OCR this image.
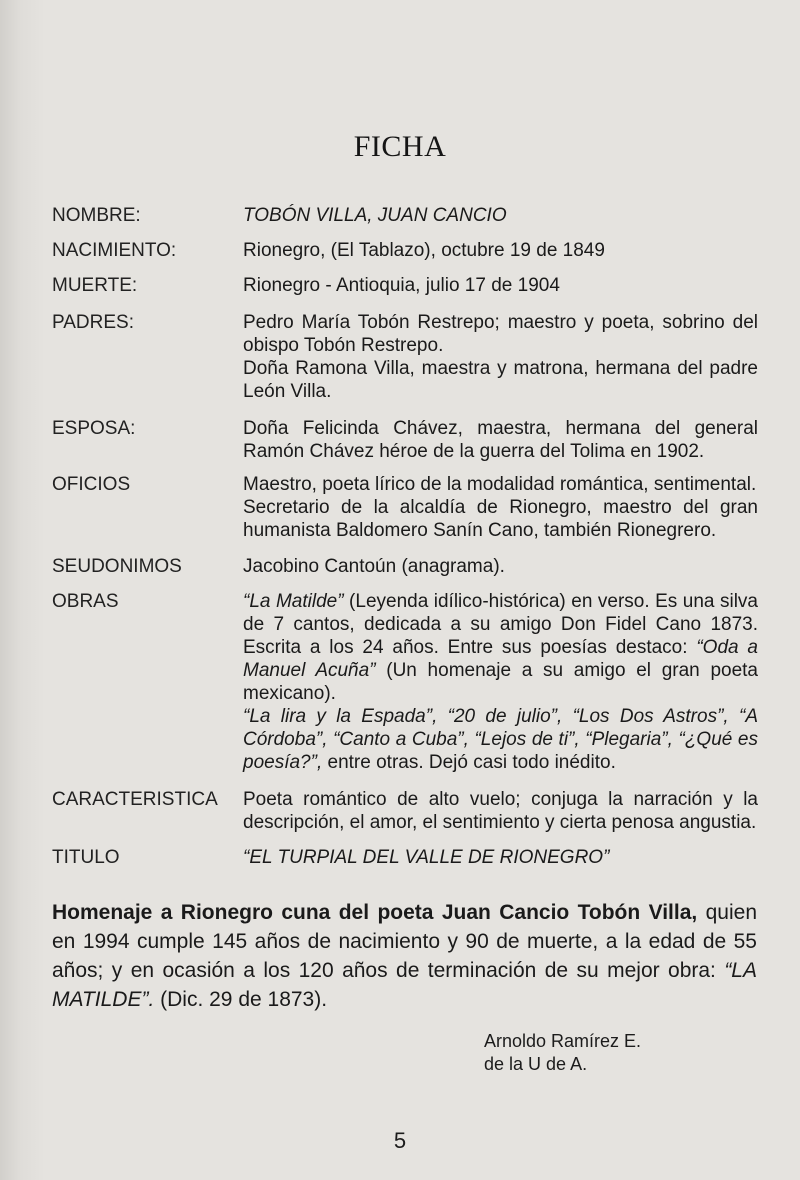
FICHA
NOMBRE:	TOBÓN VILLA, JUAN CANCIO
NACIMIENTO:	Rionegro, (El Tablazo), octubre 19 de 1849
MUERTE:	Rionegro - Antioquia, julio 17 de 1904
PADRES:	Pedro María Tobón Restrepo; maestro y poeta, sobrino del obispo Tobón Restrepo.

Doña Ramona Villa, maestra y matrona, hermana del padre León Villa.

ESPOSA:	Doña Felicinda Chávez, maestra, hermana del general Ramón Chávez héroe de la guerra del Tolima en 1902.
OFICIOS	Maestro, poeta lírico de la modalidad romántica, sentimental.

Secretario de la alcaldía de Rionegro, maestro del gran humanista Baldomero Sanín Cano, también Rionegrero.

SEUDONIMOS	Jacobino Cantoún (anagrama).
OBRAS	“La Matilde” (Leyenda idílico-histórica) en verso. Es una silva de 7 cantos, dedicada a su amigo Don Fidel Cano 1873. Escrita a los 24 años. Entre sus poesías destaco: “Oda a Manuel Acuña” (Un homenaje a su amigo el gran poeta mexicano).

“La lira y la Espada”, “20 de julio”, “Los Dos Astros”, “A Córdoba”, “Canto a Cuba”, “Lejos de ti”, “Plegaria”, “¿Qué es poesía?”, entre otras. Dejó casi todo inédito.

CARACTERISTICA Poeta romántico de alto vuelo; conjuga la narración y la descripción, el amor, el sentimiento y cierta penosa angustia.
TITULO	“EL TURPIAL DEL VALLE DE RIONEGRO”
Homenaje a Rionegro cuna del poeta Juan Cancio Tobón Villa, quien en 1994 cumple 145 años de nacimiento y 90 de muerte, a la edad de 55 años; y en ocasión a los 120 años de terminación de su mejor obra: “LA MATILDE”. (Dic. 29 de 1873).
Arnoldo Ramírez E.
de la U de A.
5
